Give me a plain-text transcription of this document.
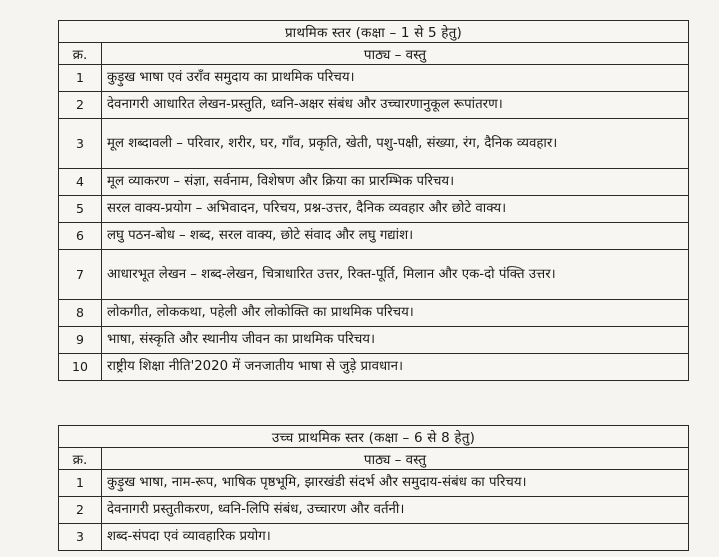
प्राथमिक स्तर (कक्षा – 1 से 5 हेतु)	
क्र.	पाठ्य – वस्तु
1	कुड़ुख भाषा एवं उराँव समुदाय का प्राथमिक परिचय।
2	देवनागरी आधारित लेखन-प्रस्तुति, ध्वनि-अक्षर संबंध और उच्चारणानुकूल रूपांतरण।
3	मूल शब्दावली – परिवार, शरीर, घर, गाँव, प्रकृति, खेती, पशु-पक्षी, संख्या, रंग, दैनिक व्यवहार।
4	मूल व्याकरण – संज्ञा, सर्वनाम, विशेषण और क्रिया का प्रारम्भिक परिचय।
5	सरल वाक्य-प्रयोग – अभिवादन, परिचय, प्रश्न-उत्तर, दैनिक व्यवहार और छोटे वाक्य।
6	लघु पठन-बोध – शब्द, सरल वाक्य, छोटे संवाद और लघु गद्यांश।
7	आधारभूत लेखन – शब्द-लेखन, चित्राधारित उत्तर, रिक्त-पूर्ति, मिलान और एक-दो पंक्ति उत्तर।
8	लोकगीत, लोककथा, पहेली और लोकोक्ति का प्राथमिक परिचय।
9	भाषा, संस्कृति और स्थानीय जीवन का प्राथमिक परिचय।
10	राष्ट्रीय शिक्षा नीति'2020 में जनजातीय भाषा से जुड़े प्रावधान।
उच्च प्राथमिक स्तर (कक्षा – 6 से 8 हेतु)	
क्र.	पाठ्य – वस्तु
1	कुड़ुख भाषा, नाम-रूप, भाषिक पृष्ठभूमि, झारखंडी संदर्भ और समुदाय-संबंध का परिचय।
2	देवनागरी प्रस्तुतीकरण, ध्वनि-लिपि संबंध, उच्चारण और वर्तनी।
3	शब्द-संपदा एवं व्यावहारिक प्रयोग।
